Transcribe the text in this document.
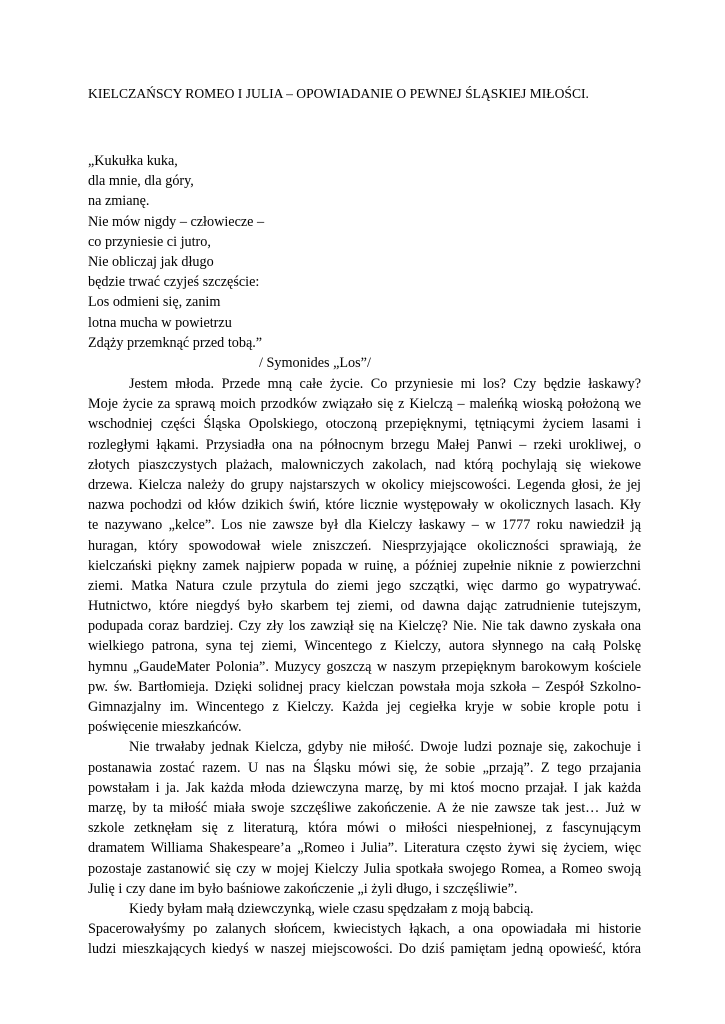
KIELCZAŃSCY ROMEO I JULIA – OPOWIADANIE O PEWNEJ ŚLĄSKIEJ MIŁOŚCI.
„Kukułka kuka,
dla mnie, dla góry,
na zmianę.
Nie mów nigdy – człowiecze –
co przyniesie ci jutro,
Nie obliczaj jak długo
będzie trwać czyjeś szczęście:
Los odmieni się, zanim
lotna mucha w powietrzu
Zdąży przemknąć przed tobą.”
/ Symonides „Los”/
Jestem młoda. Przede mną całe życie. Co przyniesie mi los? Czy będzie łaskawy?
Moje życie za sprawą moich przodków związało się z Kielczą – maleńką wioską położoną we
wschodniej części Śląska Opolskiego, otoczoną przepięknymi, tętniącymi życiem lasami i
rozległymi łąkami. Przysiadła ona na północnym brzegu Małej Panwi – rzeki urokliwej, o
złotych piaszczystych plażach, malowniczych zakolach, nad którą pochylają się wiekowe
drzewa. Kielcza należy do grupy najstarszych w okolicy miejscowości. Legenda głosi, że jej
nazwa pochodzi od kłów dzikich świń, które licznie występowały w okolicznych lasach. Kły
te nazywano „kelce”. Los nie zawsze był dla Kielczy łaskawy – w 1777 roku nawiedził ją
huragan, który spowodował wiele zniszczeń. Niesprzyjające okoliczności sprawiają, że
kielczański piękny zamek najpierw popada w ruinę, a później zupełnie niknie z powierzchni
ziemi. Matka Natura czule przytula do ziemi jego szczątki, więc darmo go wypatrywać.
Hutnictwo, które niegdyś było skarbem tej ziemi, od dawna dając zatrudnienie tutejszym,
podupada coraz bardziej. Czy zły los zawziął się na Kielczę? Nie. Nie tak dawno zyskała ona
wielkiego patrona, syna tej ziemi, Wincentego z Kielczy, autora słynnego na całą Polskę
hymnu „GaudeMater Polonia”. Muzycy goszczą w naszym przepięknym barokowym kościele
pw. św. Bartłomieja. Dzięki solidnej pracy kielczan powstała moja szkoła – Zespół Szkolno-
Gimnazjalny im. Wincentego z Kielczy. Każda jej cegiełka kryje w sobie krople potu i
poświęcenie mieszkańców.
Nie trwałaby jednak Kielcza, gdyby nie miłość. Dwoje ludzi poznaje się, zakochuje i
postanawia zostać razem. U nas na Śląsku mówi się, że sobie „przają”. Z tego przajania
powstałam i ja. Jak każda młoda dziewczyna marzę, by mi ktoś mocno przajał. I jak każda
marzę, by ta miłość miała swoje szczęśliwe zakończenie. A że nie zawsze tak jest… Już w
szkole zetknęłam się z literaturą, która mówi o miłości niespełnionej, z fascynującym
dramatem Williama Shakespeare’a „Romeo i Julia”. Literatura często żywi się życiem, więc
pozostaje zastanowić się czy w mojej Kielczy Julia spotkała swojego Romea, a Romeo swoją
Julię i czy dane im było baśniowe zakończenie „i żyli długo, i szczęśliwie”.
Kiedy byłam małą dziewczynką, wiele czasu spędzałam z moją babcią.
Spacerowałyśmy po zalanych słońcem, kwiecistych łąkach, a ona opowiadała mi historie
ludzi mieszkających kiedyś w naszej miejscowości. Do dziś pamiętam jedną opowieść, która
